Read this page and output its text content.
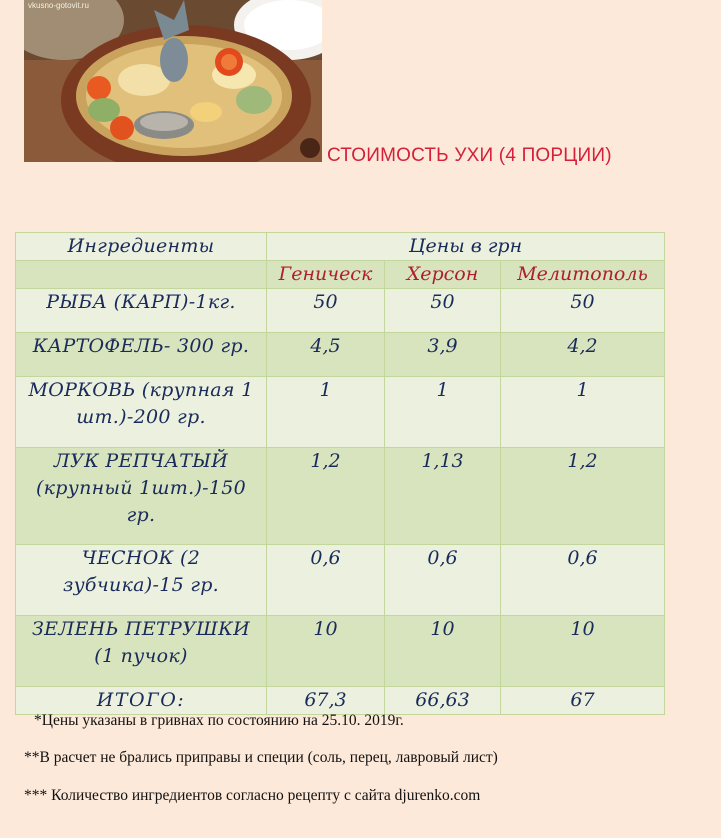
vkusno-gotovit.ru
СТОИМОСТЬ УХИ (4 ПОРЦИИ)
Ингредиенты	Цены в грн		
	Геническ	Херсон	Мелитополь
РЫБА (КАРП)-1кг.	50	50	50
КАРТОФЕЛЬ- 300 гр.	4,5	3,9	4,2
МОРКОВЬ (крупная 1 шт.)-200 гр.	1	1	1
ЛУК РЕПЧАТЫЙ (крупный 1шт.)-150 гр.	1,2	1,13	1,2
ЧЕСНОК (2 зубчика)-15 гр.	0,6	0,6	0,6
ЗЕЛЕНЬ ПЕТРУШКИ (1 пучок)	10	10	10
ИТОГО:	67,3	66,63	67

*Цены указаны в гривнах по состоянию на 25.10. 2019г.

**В расчет не брались приправы и специи (соль, перец, лавровый лист)

*** Количество ингредиентов согласно рецепту с сайта djurenko.com
